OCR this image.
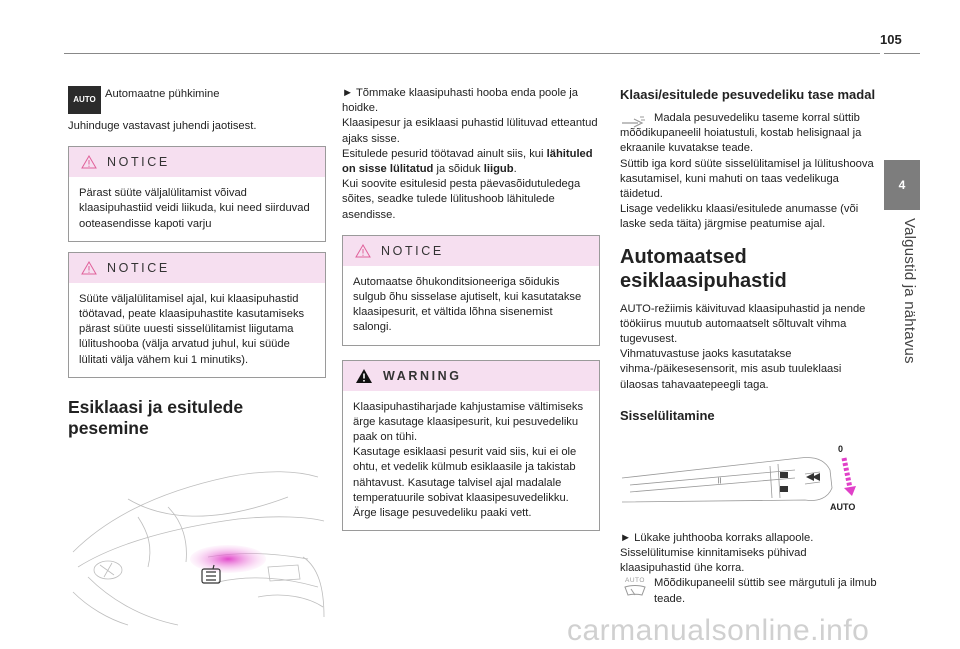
105
4
Valgustid ja nähtavus
AUTO Automaatne pühkimine

Juhinduge vastavast juhendi jaotisest.

NOTICE
Pärast süüte väljalülitamist võivad klaasipuhastiid veidi liikuda, kui need siirduvad ooteasendisse kapoti varju
NOTICE
Süüte väljalülitamisel ajal, kui klaasipuhastid töötavad, peate klaasipuhastite kasutamiseks pärast süüte uuesti sisselülitamist liigutama lülitushooba (välja arvatud juhul, kui süüde lülitati välja vähem kui 1 minutiks).
Esiklaasi ja esitulede pesemine

► Tõmmake klaasipuhasti hooba enda poole ja hoidke.

Klaasipesur ja esiklaasi puhastid lülituvad etteantud ajaks sisse.

Esitulede pesurid töötavad ainult siis, kui lähituled on sisse lülitatud ja sõiduk liigub.

Kui soovite esitulesid pesta päevasõidutuledega sõites, seadke tulede lülitushoob lähitulede asendisse.

NOTICE
Automaatse õhukonditsioneeriga sõidukis sulgub õhu sisselase ajutiselt, kui kasutatakse klaasipesurit, et vältida lõhna sisenemist salongi.
WARNING
Klaasipuhastiharjade kahjustamise vältimiseks ärge kasutage klaasipesurit, kui pesuvedeliku paak on tühi.
Kasutage esiklaasi pesurit vaid siis, kui ei ole ohtu, et vedelik külmub esiklaasile ja takistab nähtavust. Kasutage talvisel ajal madalale temperatuurile sobivat klaasipesuvedelikku.
Ärge lisage pesuvedeliku paaki vett.
Klaasi/esitulede pesuvedeliku tase madal

Madala pesuvedeliku taseme korral süttib mõõdikupaneelil hoiatustuli, kostab helisignaal ja ekraanile kuvatakse teade.

Süttib iga kord süüte sisselülitamisel ja lülitushoova kasutamisel, kuni mahuti on taas vedelikuga täidetud.

Lisage vedelikku klaasi/esitulede anumasse (või laske seda täita) järgmise peatumise ajal.

Automaatsed esiklaasipuhastid

AUTO-režiimis käivituvad klaasipuhastid ja nende töökiirus muutub automaatselt sõltuvalt vihma tugevusest.

Vihmatuvastuse jaoks kasutatakse vihma-/päikesesensorit, mis asub tuuleklaasi ülaosas tahavaatepeegli taga.

Sisselülitamine
||
0
AUTO

► Lükake juhthooba korraks allapoole.

Sisselülitumise kinnitamiseks pühivad klaasipuhastid ühe korra.

AUTO Mõõdikupaneelil süttib see märgutuli ja ilmub teade.

carmanualsonline.info
